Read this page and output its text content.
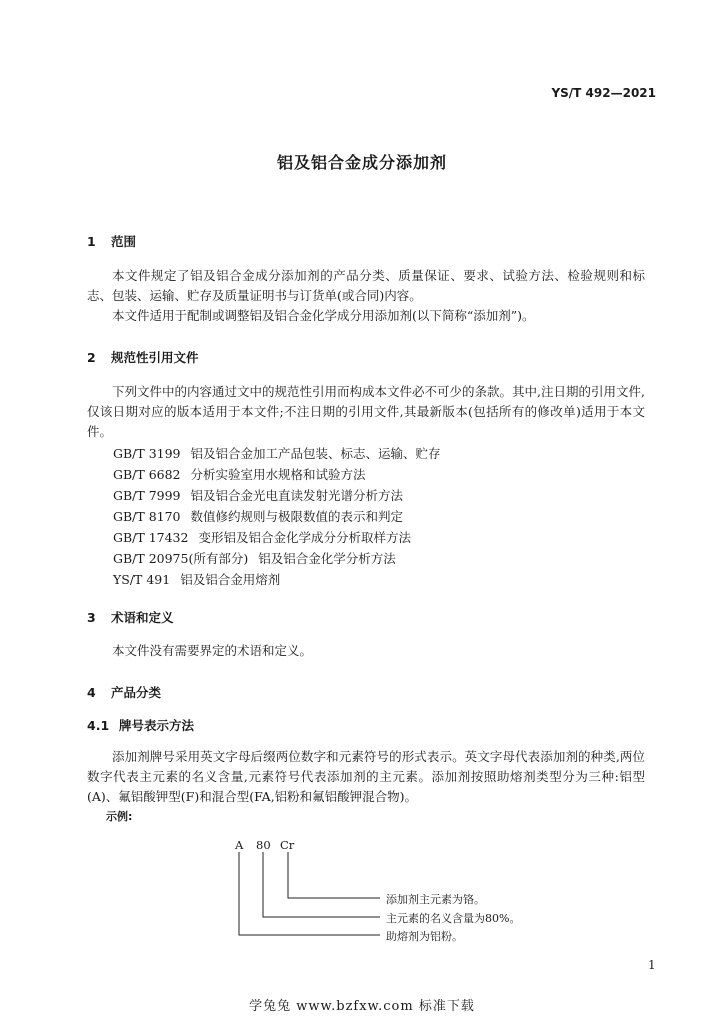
YS/T 492—2021
铝及铝合金成分添加剂
1 范围
本文件规定了铝及铝合金成分添加剂的产品分类、质量保证、要求、试验方法、检验规则和标志、包装、运输、贮存及质量证明书与订货单(或合同)内容。
本文件适用于配制或调整铝及铝合金化学成分用添加剂(以下简称“添加剂”)。
2 规范性引用文件
下列文件中的内容通过文中的规范性引用而构成本文件必不可少的条款。其中,注日期的引用文件,仅该日期对应的版本适用于本文件;不注日期的引用文件,其最新版本(包括所有的修改单)适用于本文件。
GB/T 3199 铝及铝合金加工产品包装、标志、运输、贮存
GB/T 6682 分析实验室用水规格和试验方法
GB/T 7999 铝及铝合金光电直读发射光谱分析方法
GB/T 8170 数值修约规则与极限数值的表示和判定
GB/T 17432 变形铝及铝合金化学成分分析取样方法
GB/T 20975(所有部分) 铝及铝合金化学分析方法
YS/T 491 铝及铝合金用熔剂
3 术语和定义
本文件没有需要界定的术语和定义。
4 产品分类
4.1 牌号表示方法
添加剂牌号采用英文字母后缀两位数字和元素符号的形式表示。英文字母代表添加剂的种类,两位数字代表主元素的名义含量,元素符号代表添加剂的主元素。添加剂按照助熔剂类型分为三种:铝型(A)、氟铝酸钾型(F)和混合型(FA,铝粉和氟铝酸钾混合物)。
示例:
A 80 Cr
添加剂主元素为铬。
主元素的名义含量为80%。
助熔剂为铝粉。
1
学兔兔 www.bzfxw.com 标准下载
